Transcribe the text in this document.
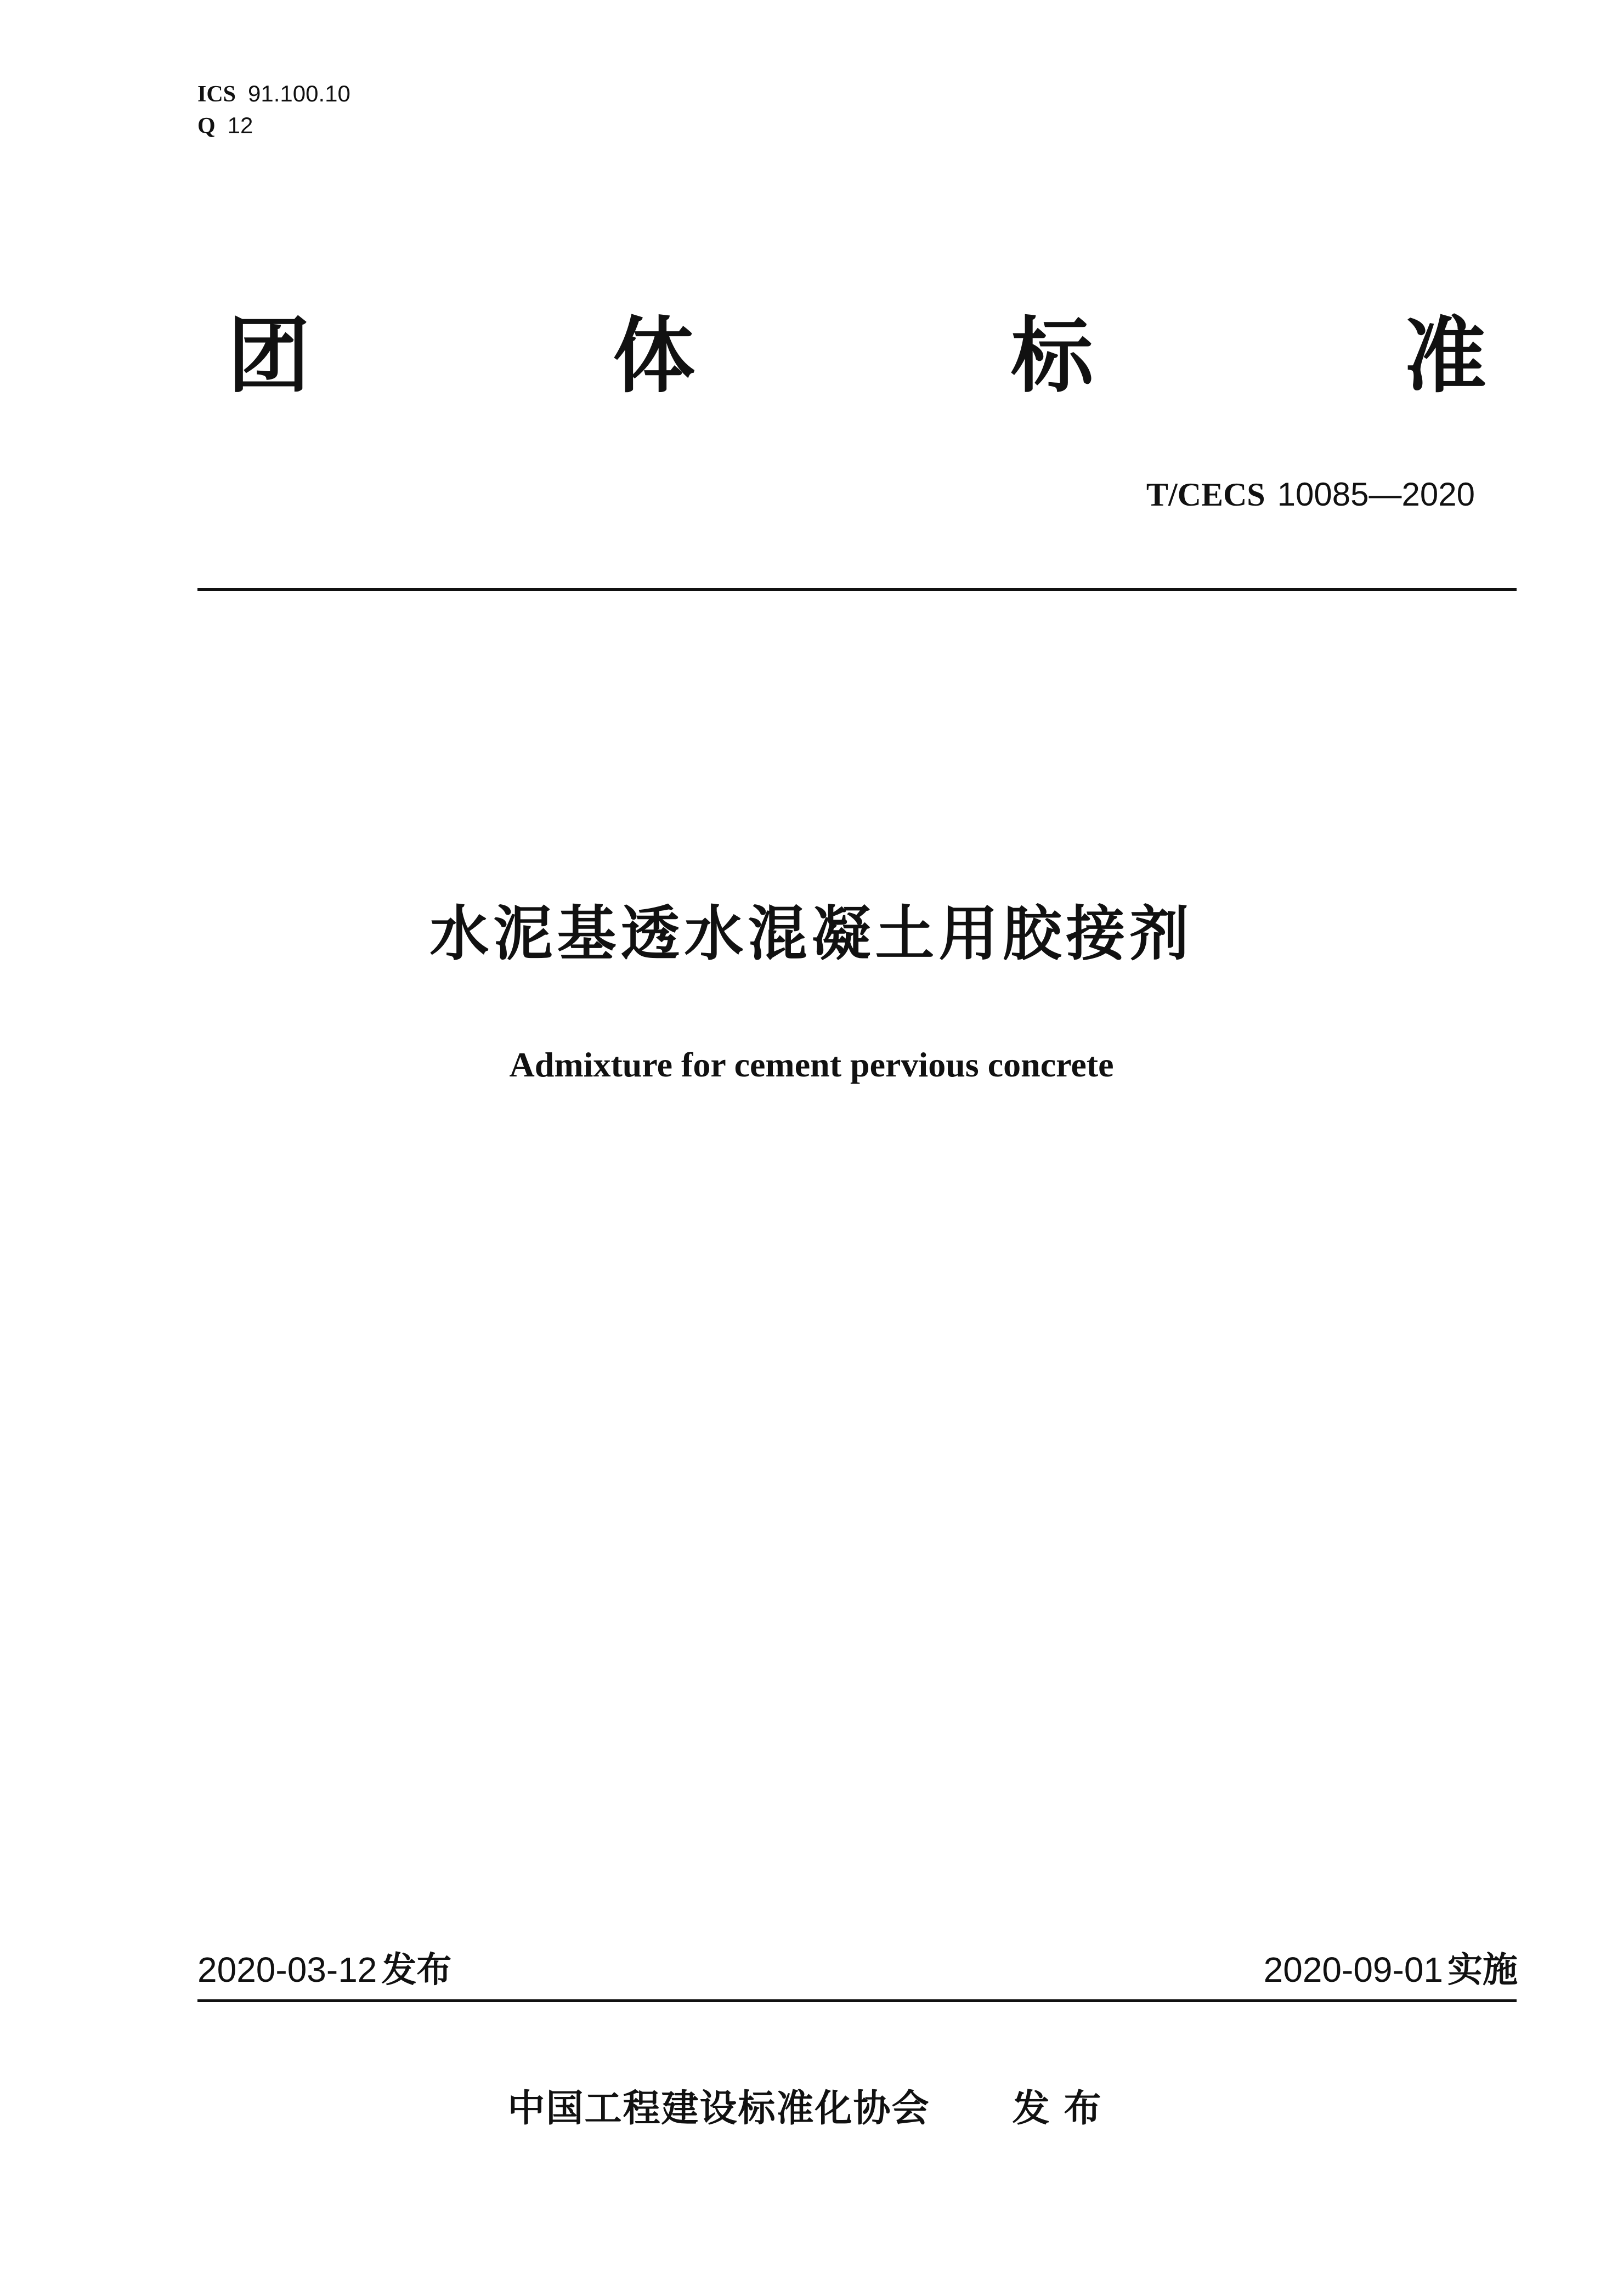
ICS 91.100.10
Q 12
团	体	标	准
T/CECS 10085—2020
水泥基透水混凝土用胶接剂
Admixture for cement pervious concrete
2020-03-12 发布	2020-09-01 实施
中国工程建设标准化协会 发布
